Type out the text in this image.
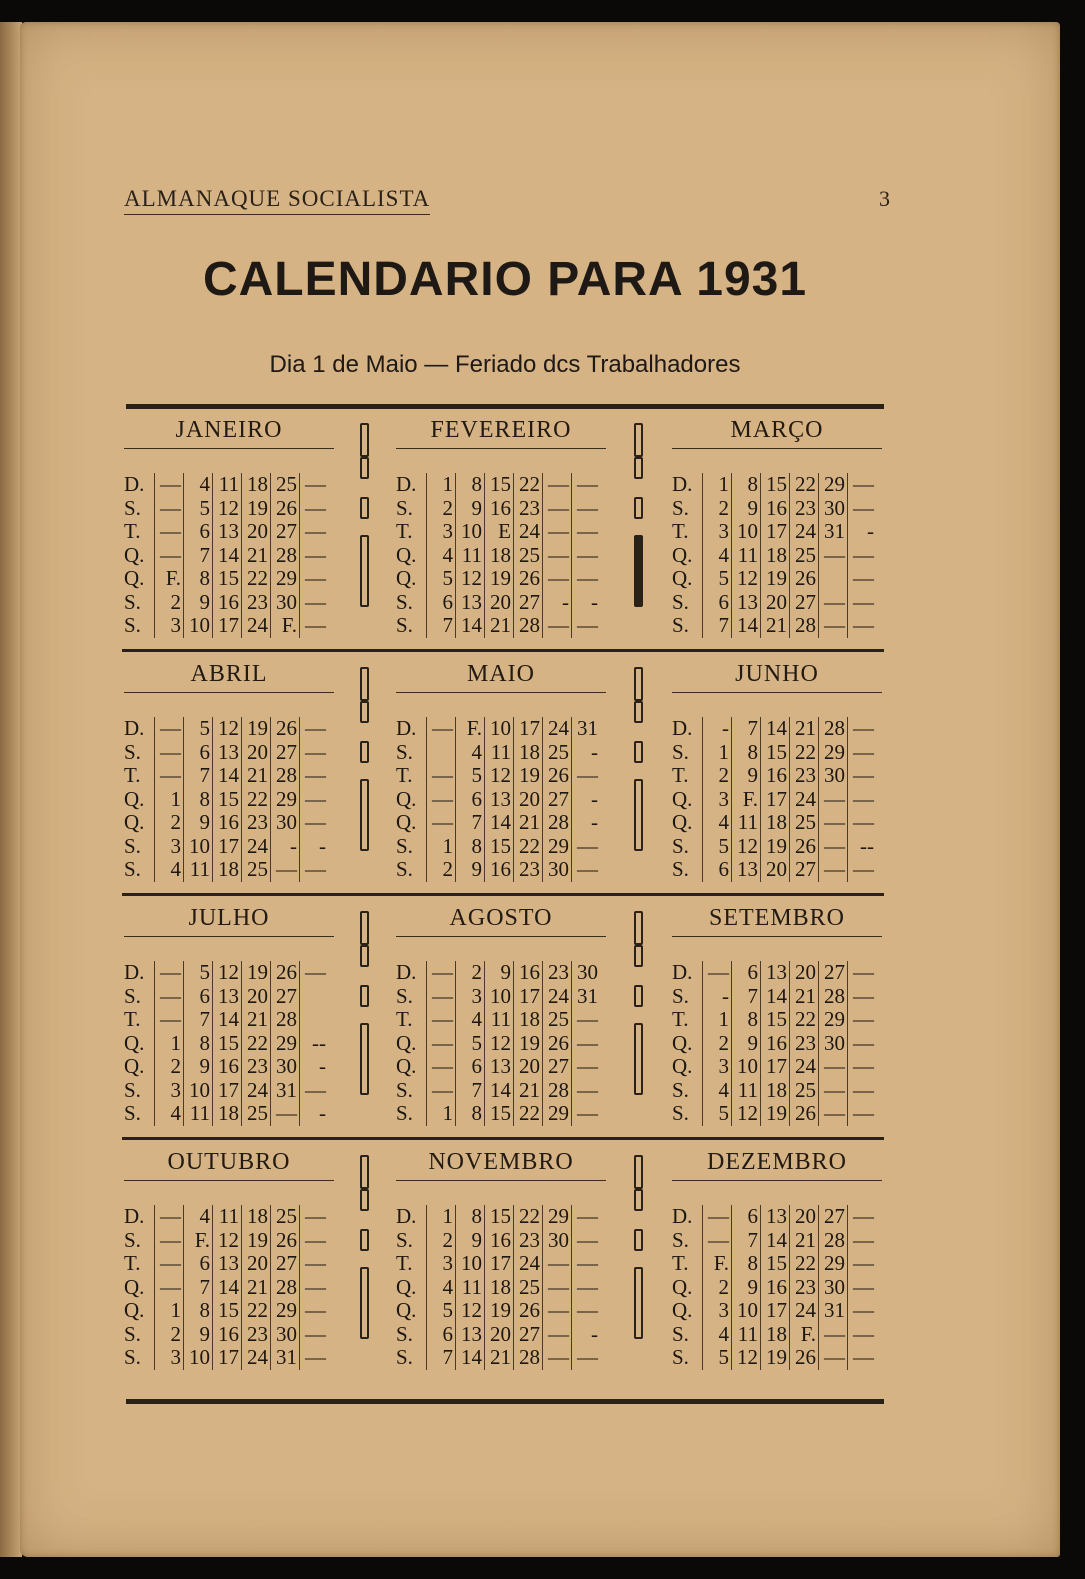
ALMANAQUE SOCIALISTA	3
CALENDARIO PARA 1931
Dia 1 de Maio — Feriado dcs Trabalhadores
JANEIRO
D.	—	4	11	18	25	—
S.	—	5	12	19	26	—
T.	—	6	13	20	27	—
Q.	—	7	14	21	28	—
Q.	F.	8	15	22	29	—
S.	2	9	16	23	30	—
S.	3	10	17	24	F.	—
FEVEREIRO
D.	1	8	15	22	—	—
S.	2	9	16	23	—	—
T.	3	10	E	24	—	—
Q.	4	11	18	25	—	—
Q.	5	12	19	26	—	—
S.	6	13	20	27	-	-
S.	7	14	21	28	—	—
MARÇO
D.	1	8	15	22	29	—
S.	2	9	16	23	30	—
T.	3	10	17	24	31	-
Q.	4	11	18	25	—	—
Q.	5	12	19	26		—
S.	6	13	20	27	—	—
S.	7	14	21	28	—	—
ABRIL
D.	—	5	12	19	26	—
S.	—	6	13	20	27	—
T.	—	7	14	21	28	—
Q.	1	8	15	22	29	—
Q.	2	9	16	23	30	—
S.	3	10	17	24	-	-
S.	4	11	18	25	—	—
MAIO
D.	—	F.	10	17	24	31
S.		4	11	18	25	-
T.	—	5	12	19	26	—
Q.	—	6	13	20	27	-
Q.	—	7	14	21	28	-
S.	1	8	15	22	29	—
S.	2	9	16	23	30	—
JUNHO
D.	-	7	14	21	28	—
S.	1	8	15	22	29	—
T.	2	9	16	23	30	—
Q.	3	F.	17	24	—	—
Q.	4	11	18	25	—	—
S.	5	12	19	26	—	--
S.	6	13	20	27	—	—
JULHO
D.	—	5	12	19	26	—
S.	—	6	13	20	27	
T.	—	7	14	21	28	
Q.	1	8	15	22	29	--
Q.	2	9	16	23	30	-
S.	3	10	17	24	31	—
S.	4	11	18	25	—	-
AGOSTO
D.	—	2	9	16	23	30
S.	—	3	10	17	24	31
T.	—	4	11	18	25	—
Q.	—	5	12	19	26	—
Q.	—	6	13	20	27	—
S.	—	7	14	21	28	—
S.	1	8	15	22	29	—
SETEMBRO
D.	—	6	13	20	27	—
S.	-	7	14	21	28	—
T.	1	8	15	22	29	—
Q.	2	9	16	23	30	—
Q.	3	10	17	24	—	—
S.	4	11	18	25	—	—
S.	5	12	19	26	—	—
OUTUBRO
D.	—	4	11	18	25	—
S.	—	F.	12	19	26	—
T.	—	6	13	20	27	—
Q.	—	7	14	21	28	—
Q.	1	8	15	22	29	—
S.	2	9	16	23	30	—
S.	3	10	17	24	31	—
NOVEMBRO
D.	1	8	15	22	29	—
S.	2	9	16	23	30	—
T.	3	10	17	24	—	—
Q.	4	11	18	25	—	—
Q.	5	12	19	26	—	—
S.	6	13	20	27	—	-
S.	7	14	21	28	—	—
DEZEMBRO
D.	—	6	13	20	27	—
S.	—	7	14	21	28	—
T.	F.	8	15	22	29	—
Q.	2	9	16	23	30	—
Q.	3	10	17	24	31	—
S.	4	11	18	F.	—	—
S.	5	12	19	26	—	—
